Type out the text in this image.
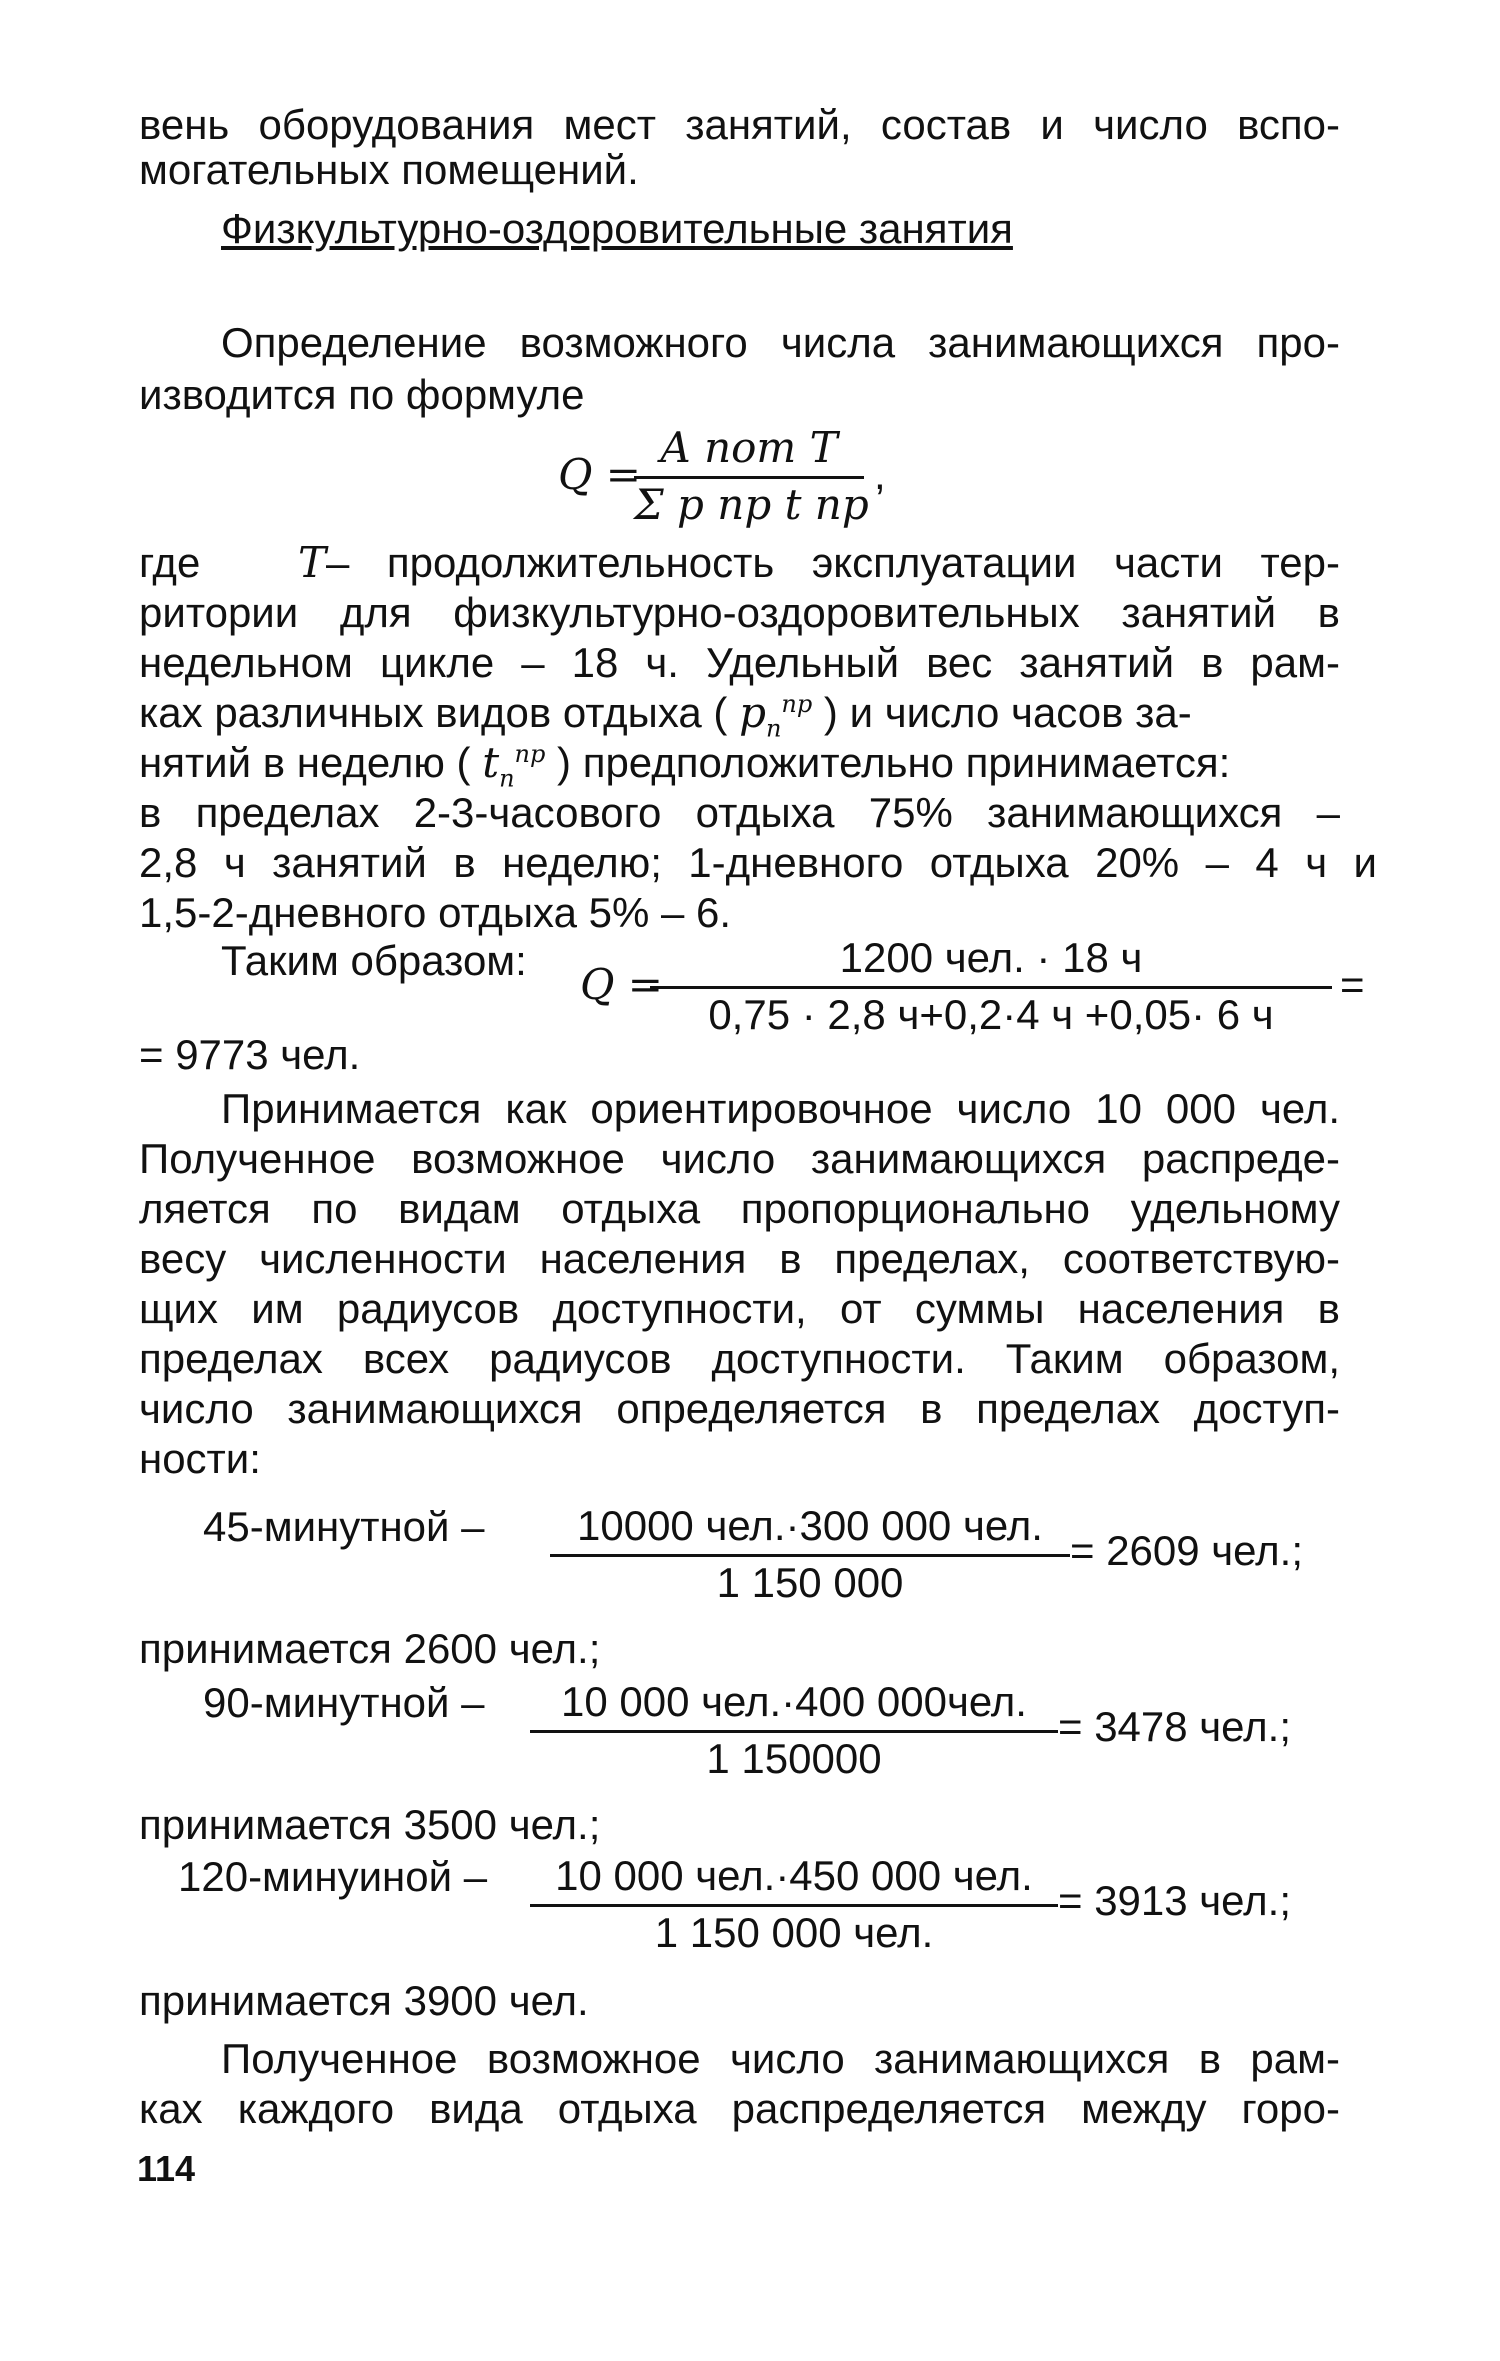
вень оборудования мест занятий, состав и число вспо-
могательных помещений.
Физкультурно-оздоровительные занятия
Определение возможного числа занимающихся про-
изводится по формуле
Q =
A пот T
Σ p пр t пр
,
где T – продолжительность эксплуатации части тер-
ритории для физкультурно-оздоровительных занятий в
недельном цикле – 18 ч. Удельный вес занятий в рам-
ках различных видов отдыха ( $p_n^{пр}$ ) и число часов за-
нятий в неделю ( $t_n^{пр}$ ) предположительно принимается:
в пределах 2-3-часового отдыха 75% занимающихся –
2,8 ч занятий в неделю; 1-дневного отдыха 20% – 4 ч и
1,5-2-дневного отдыха 5% – 6.
Таким образом: Q =
1200 чел. · 18 ч
0,75 · 2,8 ч+0,2·4 ч +0,05· 6 ч
=
= 9773 чел.
Принимается как ориентировочное число 10 000 чел.
Полученное возможное число занимающихся распреде-
ляется по видам отдыха пропорционально удельному
весу численности населения в пределах, соответствую-
щих им радиусов доступности, от суммы населения в
пределах всех радиусов доступности. Таким образом,
число занимающихся определяется в пределах доступ-
ности:
45-минутной –	10000 чел.·300 000 чел.
1 150 000
= 2609 чел.;
принимается 2600 чел.;
90-минутной –	10 000 чел.·400 000чел.
1 150000
= 3478 чел.;
принимается 3500 чел.;
120-минуиной –	10 000 чел.·450 000 чел.
1 150 000 чел.
= 3913 чел.;
принимается 3900 чел.
Полученное возможное число занимающихся в рам-
ках каждого вида отдыха распределяется между горо-
114
